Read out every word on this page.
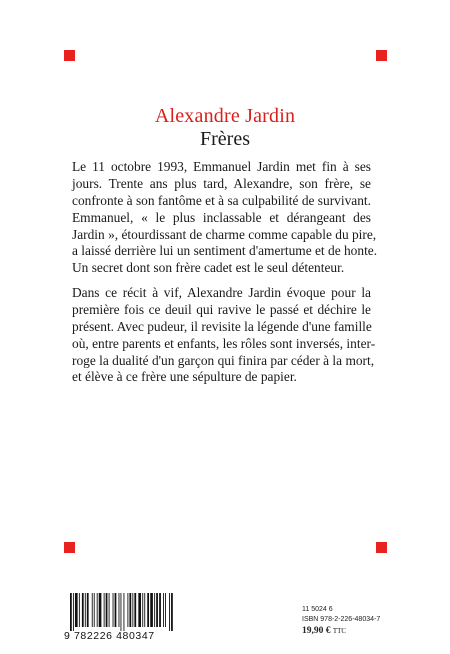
Alexandre Jardin
Frères

Le 11 octobre 1993, Emmanuel Jardin met fin à ses
jours. Trente ans plus tard, Alexandre, son frère, se
confronte à son fantôme et à sa culpabilité de survivant.
Emmanuel, « le plus inclassable et dérangeant des
Jardin », étourdissant de charme comme capable du pire,
a laissé derrière lui un sentiment d'amertume et de honte.
Un secret dont son frère cadet est le seul détenteur.

Dans ce récit à vif, Alexandre Jardin évoque pour la
première fois ce deuil qui ravive le passé et déchire le
présent. Avec pudeur, il revisite la légende d'une famille
où, entre parents et enfants, les rôles sont inversés, inter-
roge la dualité d'un garçon qui finira par céder à la mort,
et élève à ce frère une sépulture de papier.

9 782226 480347
11 5024 6
ISBN 978-2-226-48034-7
19,90 € TTC
